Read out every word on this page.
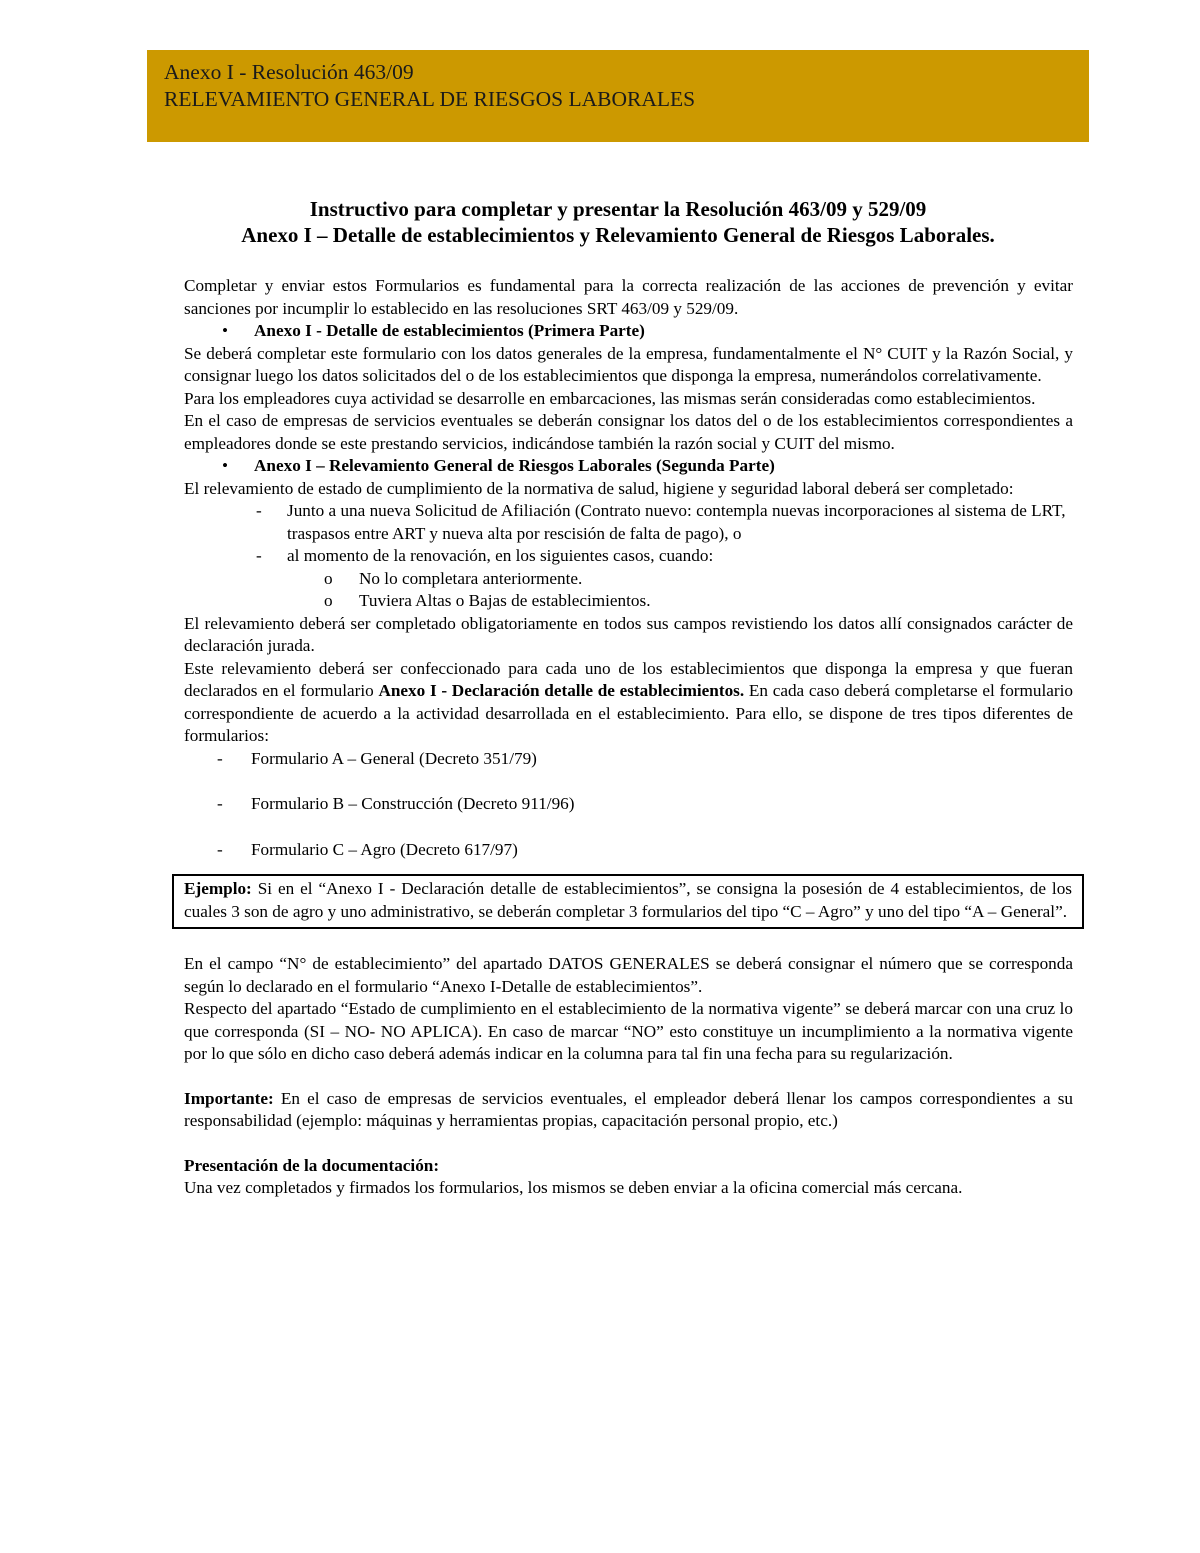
Anexo I - Resolución 463/09
RELEVAMIENTO GENERAL DE RIESGOS LABORALES
Instructivo para completar y presentar la Resolución 463/09 y 529/09
Anexo I – Detalle de establecimientos y Relevamiento General de Riesgos Laborales.

Completar y enviar estos Formularios es fundamental para la correcta realización de las acciones de prevención y evitar sanciones por incumplir lo establecido en las resoluciones SRT 463/09 y 529/09.

• Anexo I - Detalle de establecimientos (Primera Parte)

Se deberá completar este formulario con los datos generales de la empresa, fundamentalmente el N° CUIT y la Razón Social, y consignar luego los datos solicitados del o de los establecimientos que disponga la empresa, numerándolos correlativamente.

Para los empleadores cuya actividad se desarrolle en embarcaciones, las mismas serán consideradas como establecimientos.

En el caso de empresas de servicios eventuales se deberán consignar los datos del o de los establecimientos correspondientes a empleadores donde se este prestando servicios, indicándose también la razón social y CUIT del mismo.

• Anexo I – Relevamiento General de Riesgos Laborales (Segunda Parte)

El relevamiento de estado de cumplimiento de la normativa de salud, higiene y seguridad laboral deberá ser completado:

- Junto a una nueva Solicitud de Afiliación (Contrato nuevo: contempla nuevas incorporaciones al sistema de LRT, traspasos entre ART y nueva alta por rescisión de falta de pago), o

- al momento de la renovación, en los siguientes casos, cuando:

o No lo completara anteriormente.

o Tuviera Altas o Bajas de establecimientos.

El relevamiento deberá ser completado obligatoriamente en todos sus campos revistiendo los datos allí consignados carácter de declaración jurada.

Este relevamiento deberá ser confeccionado para cada uno de los establecimientos que disponga la empresa y que fueran declarados en el formulario Anexo I - Declaración detalle de establecimientos. En cada caso deberá completarse el formulario correspondiente de acuerdo a la actividad desarrollada en el establecimiento. Para ello, se dispone de tres tipos diferentes de formularios:

- Formulario A – General (Decreto 351/79)

- Formulario B – Construcción (Decreto 911/96)

- Formulario C – Agro (Decreto 617/97)

Ejemplo: Si en el “Anexo I - Declaración detalle de establecimientos”, se consigna la posesión de 4 establecimientos, de los cuales 3 son de agro y uno administrativo, se deberán completar 3 formularios del tipo “C – Agro” y uno del tipo “A – General”.

En el campo “N° de establecimiento” del apartado DATOS GENERALES se deberá consignar el número que se corresponda según lo declarado en el formulario “Anexo I-Detalle de establecimientos”.

Respecto del apartado “Estado de cumplimiento en el establecimiento de la normativa vigente” se deberá marcar con una cruz lo que corresponda (SI – NO- NO APLICA). En caso de marcar “NO” esto constituye un incumplimiento a la normativa vigente por lo que sólo en dicho caso deberá además indicar en la columna para tal fin una fecha para su regularización.

Importante: En el caso de empresas de servicios eventuales, el empleador deberá llenar los campos correspondientes a su responsabilidad (ejemplo: máquinas y herramientas propias, capacitación personal propio, etc.)

Presentación de la documentación:

Una vez completados y firmados los formularios, los mismos se deben enviar a la oficina comercial más cercana.
